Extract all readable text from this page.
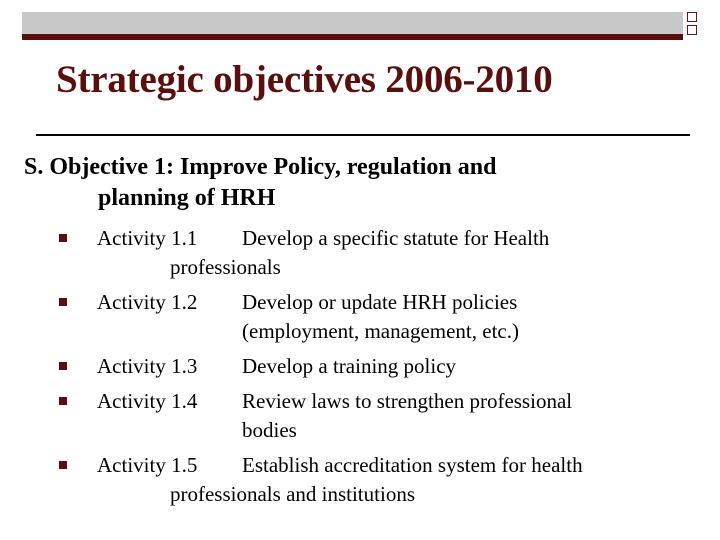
Strategic objectives 2006-2010
S. Objective 1: Improve Policy, regulation and
planning of HRH
Activity 1.1 Develop a specific statute for Health
professionals
Activity 1.2 Develop or update HRH policies
(employment, management, etc.)
Activity 1.3 Develop a training policy
Activity 1.4 Review laws to strengthen professional
bodies
Activity 1.5 Establish accreditation system for health
professionals and institutions
